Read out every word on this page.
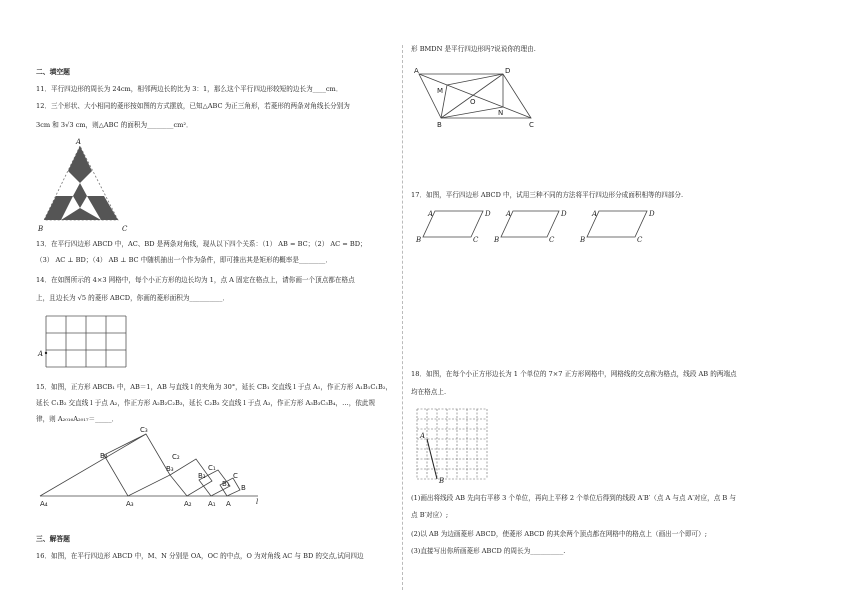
二、填空题
11．平行四边形的周长为 24cm，相邻两边长的比为 3：1，那么这个平行四边形较短的边长为____cm．
12．三个形状、大小相同的菱形按如图的方式摆放，已知△ABC 为正三角形，若菱形的两条对角线长分别为
3cm 和 3√3 cm，则△ABC 的面积为________cm²．
A
B	C
13．在平行四边形 ABCD 中，AC、BD 是两条对角线，现从以下四个关系：（1） AB = BC；（2） AC = BD；
（3） AC ⊥ BD；（4） AB ⊥ BC 中随机抽出一个作为条件，即可推出其是矩形的概率是________．
14．在如图所示的 4×3 网格中，每个小正方形的边长均为 1，点 A 固定在格点上，请你画一个顶点都在格点
上，且边长为 √5 的菱形 ABCD，你画的菱形面积为__________．
A
15．如图，正方形 ABCB₁ 中，AB＝1，AB 与直线 l 的夹角为 30°，延长 CB₁ 交直线 l 于点 A₁，作正方形 A₁B₁C₁B₂，
延长 C₁B₂ 交直线 l 于点 A₂，作正方形 A₂B₂C₂B₃，延长 C₂B₃ 交直线 l 于点 A₃，作正方形 A₃B₃C₃B₄，…，依此规
律，则 A₂₀₁₆A₂₀₁₇＝_____．
C₃
B₄	C₂
B₃	C₁
B₂	C
B₁ B
A₄	A₃	A₂ A₁ A	l
三、解答题
16．如图，在平行四边形 ABCD 中，M、N 分别是 OA，OC 的中点，O 为对角线 AC 与 BD 的交点,试问四边
形 BMDN 是平行四边形吗?说说你的理由.
A	D
M
O
N
B	C
17．如图，平行四边形 ABCD 中，试用三种不同的方法将平行四边形分成面积相等的四部分.
A	D
B	C
A	D
B	C
A	D
B	C
18．如图，在每个小正方形边长为 1 个单位的 7×7 正方形网格中，网格线的交点称为格点，线段 AB 的两端点
均在格点上.
A
B
(1)画出将线段 AB 先向右平移 3 个单位，再向上平移 2 个单位后得到的线段 A′B′（点 A 与点 A′对应，点 B 与
点 B′对应）;
(2)以 AB 为边画菱形 ABCD，使菱形 ABCD 的其余两个顶点都在网格中的格点上（画出一个即可）;
(3)直接写出你所画菱形 ABCD 的周长为__________.
